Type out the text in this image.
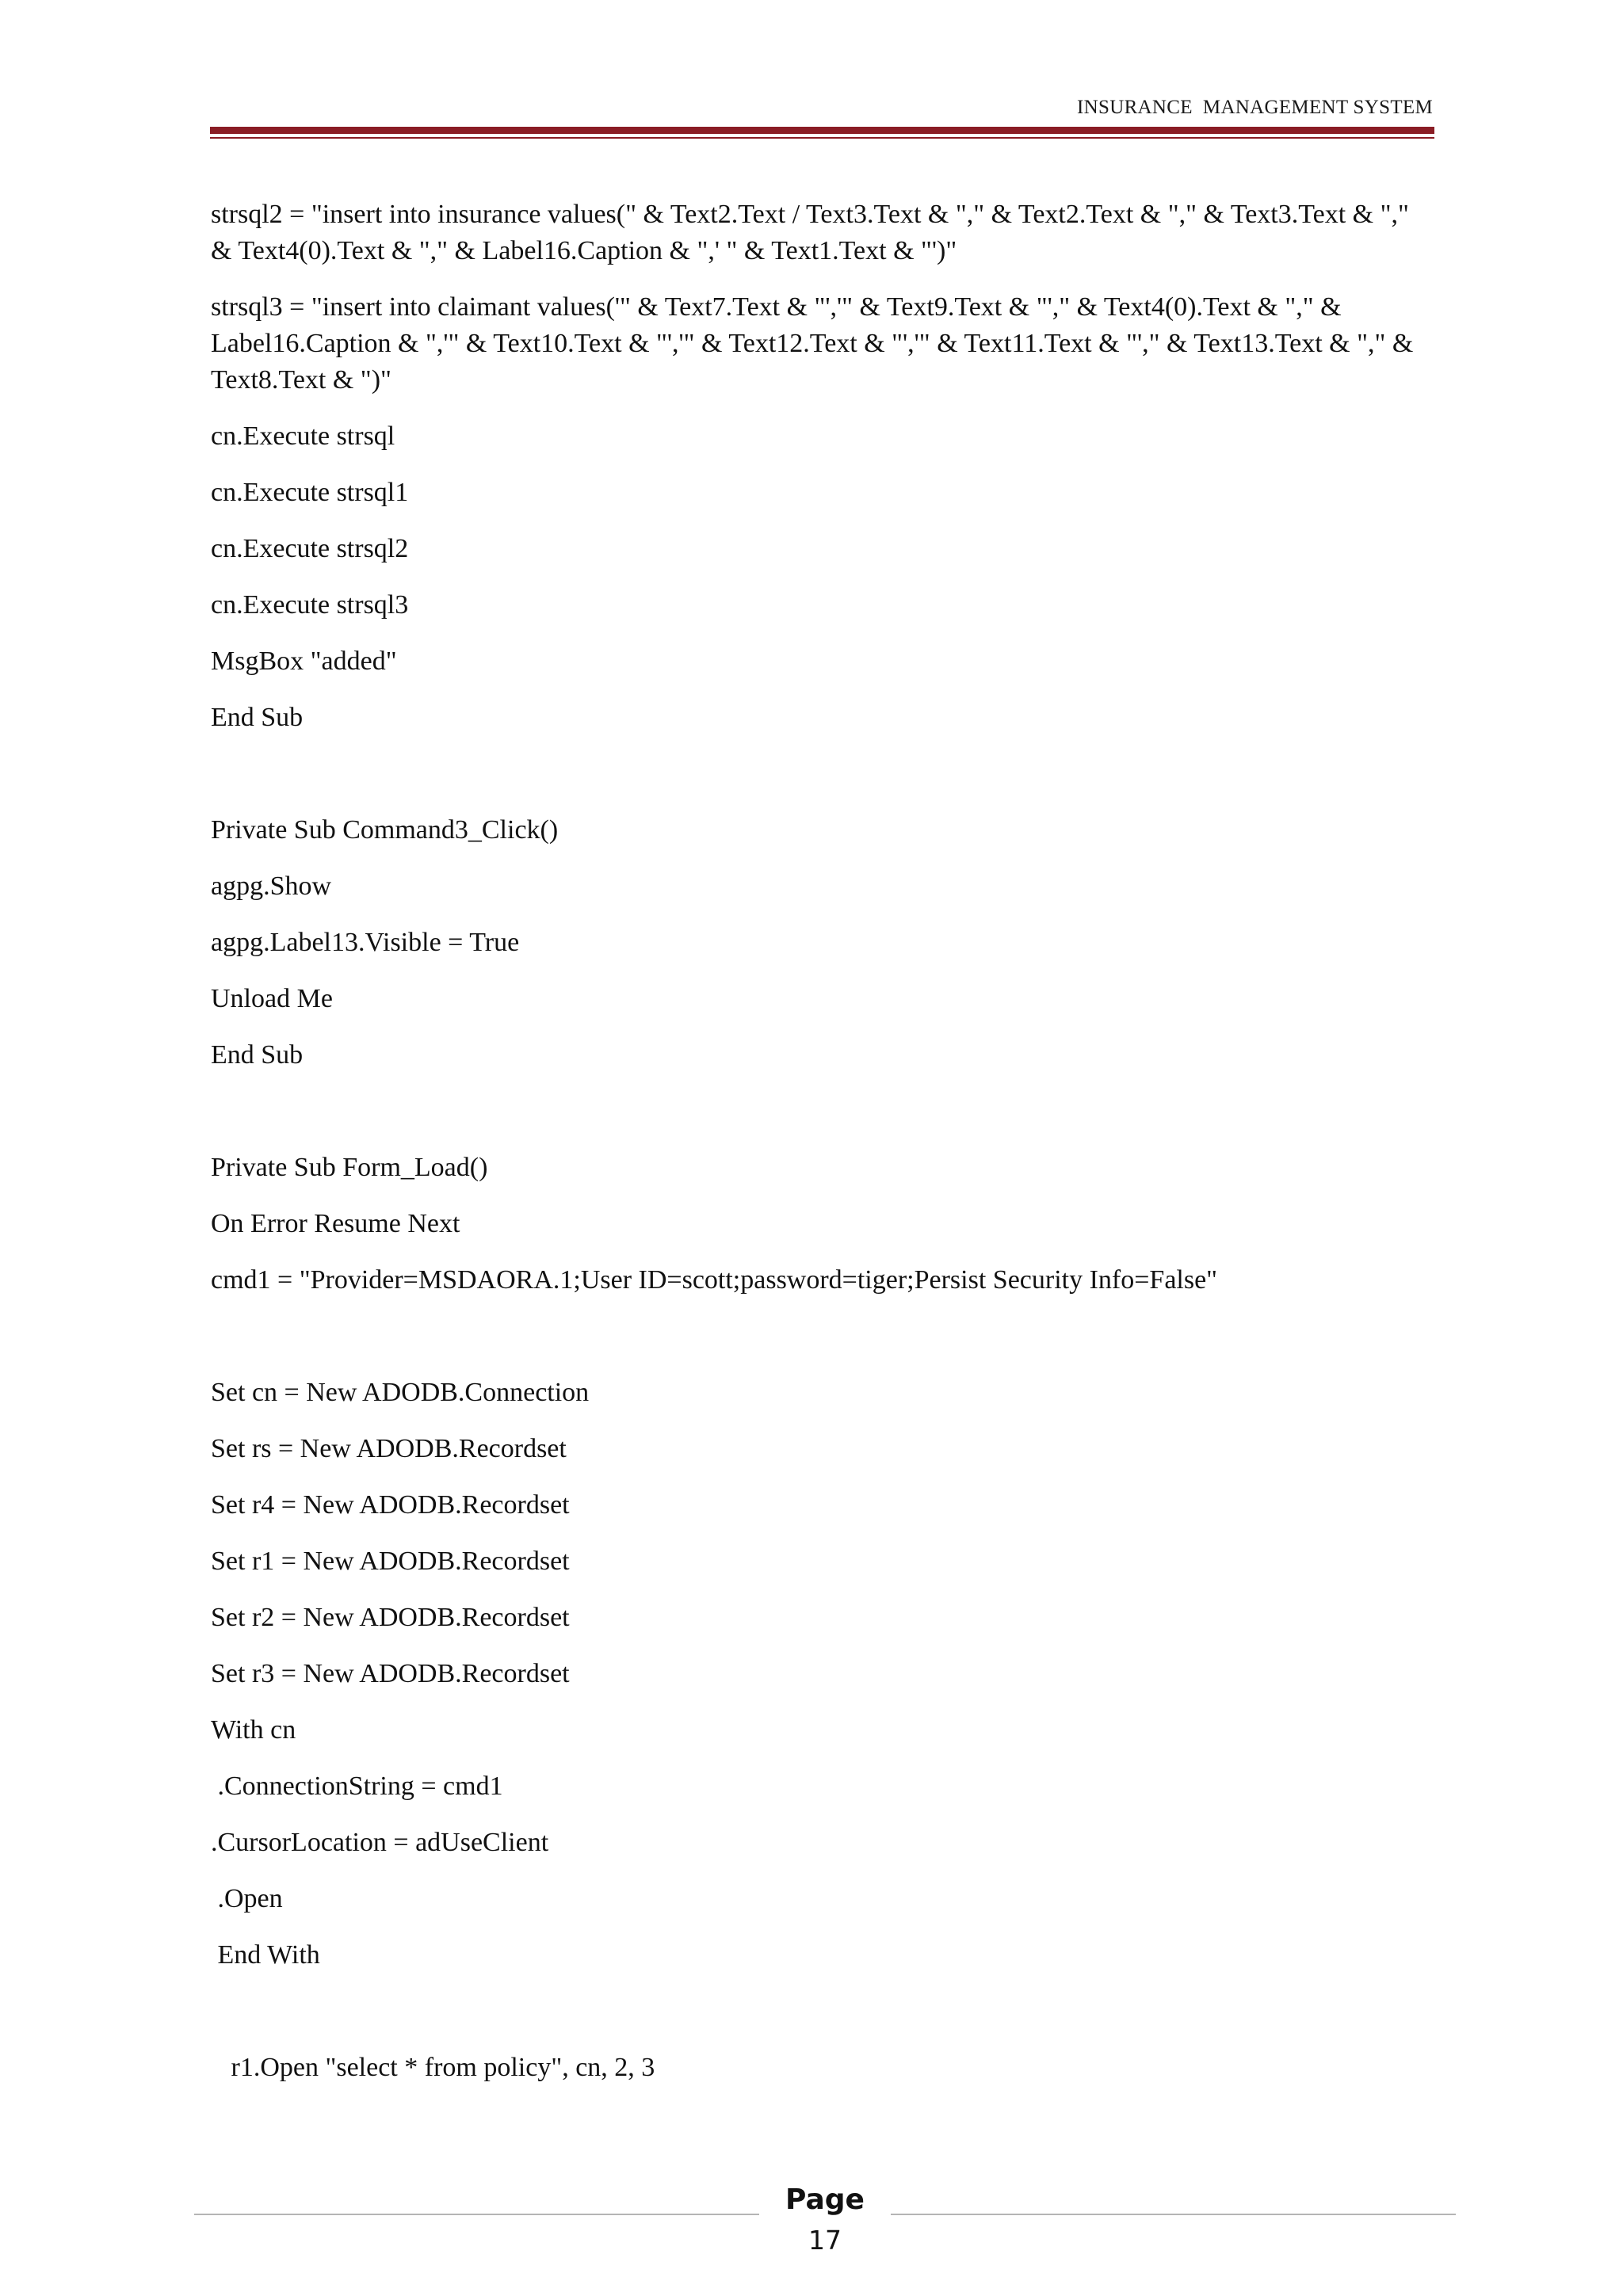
INSURANCE  MANAGEMENT SYSTEM
strsql2 = "insert into insurance values(" & Text2.Text / Text3.Text & "," & Text2.Text & "," & Text3.Text & "," & Text4(0).Text & "," & Label16.Caption & ",' " & Text1.Text & "')"
strsql3 = "insert into claimant values('" & Text7.Text & "','" & Text9.Text & "'," & Text4(0).Text & "," & Label16.Caption & ",'" & Text10.Text & "','" & Text12.Text & "','" & Text11.Text & "'," & Text13.Text & "," & Text8.Text & ")"
cn.Execute strsql
cn.Execute strsql1
cn.Execute strsql2
cn.Execute strsql3
MsgBox "added"
End Sub
Private Sub Command3_Click()
agpg.Show
agpg.Label13.Visible = True
Unload Me
End Sub
Private Sub Form_Load()
On Error Resume Next
cmd1 = "Provider=MSDAORA.1;User ID=scott;password=tiger;Persist Security Info=False"
Set cn = New ADODB.Connection
Set rs = New ADODB.Recordset
Set r4 = New ADODB.Recordset
Set r1 = New ADODB.Recordset
Set r2 = New ADODB.Recordset
Set r3 = New ADODB.Recordset
With cn
.ConnectionString = cmd1
.CursorLocation = adUseClient
.Open
End With
r1.Open "select * from policy", cn, 2, 3
Page
17
